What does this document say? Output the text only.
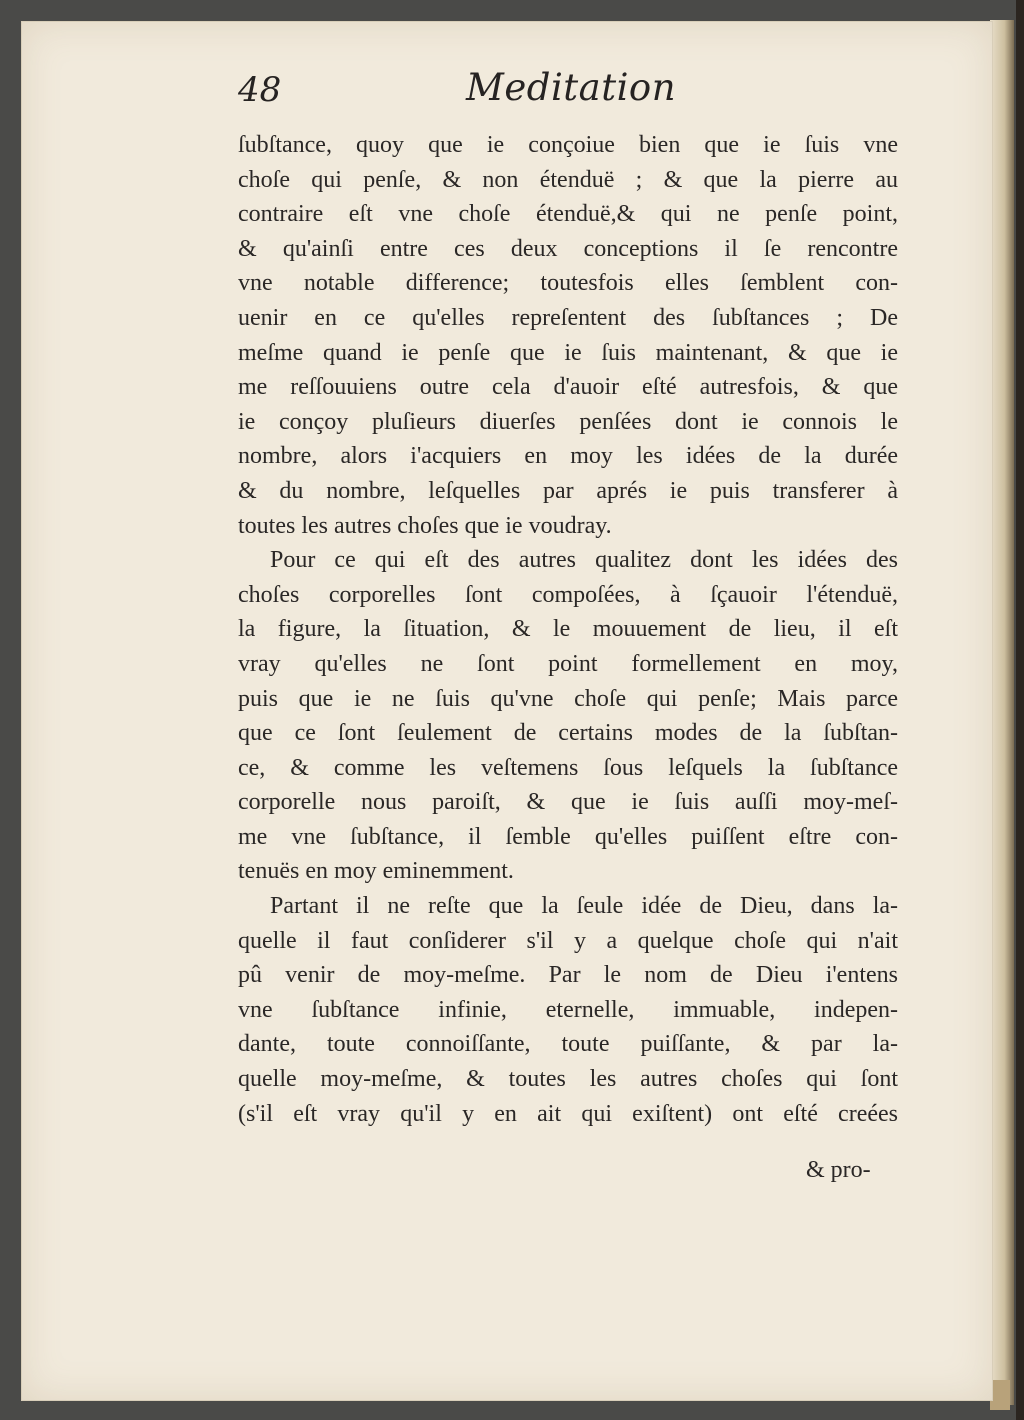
48	Meditation
ſubſtance, quoy que ie conçoiue bien que ie ſuis vne
choſe qui penſe, & non étenduë ; & que la pierre au
contraire eſt vne choſe étenduë,& qui ne penſe point,
& qu'ainſi entre ces deux conceptions il ſe rencontre
vne notable difference; toutesfois elles ſemblent con-
uenir en ce qu'elles repreſentent des ſubſtances ; De
meſme quand ie penſe que ie ſuis maintenant, & que ie
me reſſouuiens outre cela d'auoir eſté autresfois, & que
ie conçoy pluſieurs diuerſes penſées dont ie connois le
nombre, alors i'acquiers en moy les idées de la durée
& du nombre, leſquelles par aprés ie puis transferer à
toutes les autres choſes que ie voudray.
Pour ce qui eſt des autres qualitez dont les idées des
choſes corporelles ſont compoſées, à ſçauoir l'étenduë,
la figure, la ſituation, & le mouuement de lieu, il eſt
vray qu'elles ne ſont point formellement en moy,
puis que ie ne ſuis qu'vne choſe qui penſe; Mais parce
que ce ſont ſeulement de certains modes de la ſubſtan-
ce, & comme les veſtemens ſous leſquels la ſubſtance
corporelle nous paroiſt, & que ie ſuis auſſi moy-meſ-
me vne ſubſtance, il ſemble qu'elles puiſſent eſtre con-
tenuës en moy eminemment.
Partant il ne reſte que la ſeule idée de Dieu, dans la-
quelle il faut conſiderer s'il y a quelque choſe qui n'ait
pû venir de moy-meſme. Par le nom de Dieu i'entens
vne ſubſtance infinie, eternelle, immuable, indepen-
dante, toute connoiſſante, toute puiſſante, & par la-
quelle moy-meſme, & toutes les autres choſes qui ſont
(s'il eſt vray qu'il y en ait qui exiſtent) ont eſté creées
& pro-
